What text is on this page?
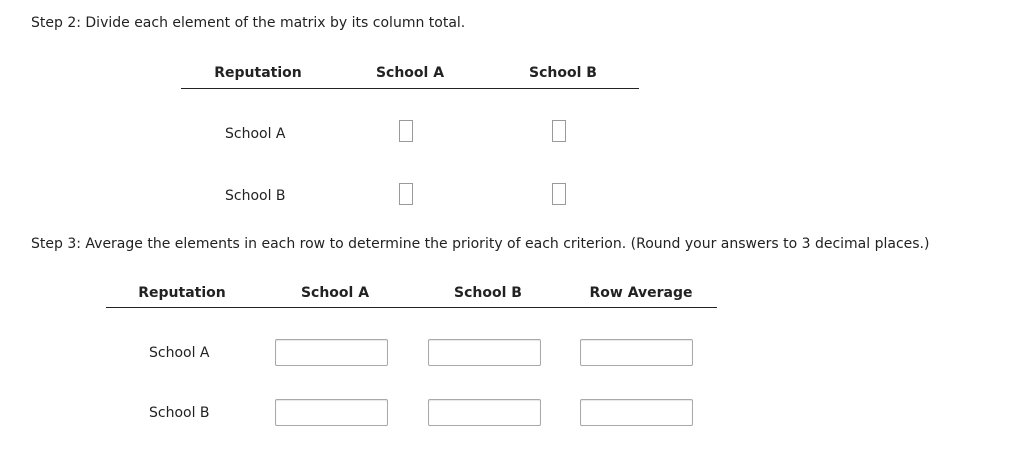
Step 2: Divide each element of the matrix by its column total.
Reputation	School A	School B
School A
School B
Step 3: Average the elements in each row to determine the priority of each criterion. (Round your answers to 3 decimal places.)
Reputation	School A	School B	Row Average
School A
School B
